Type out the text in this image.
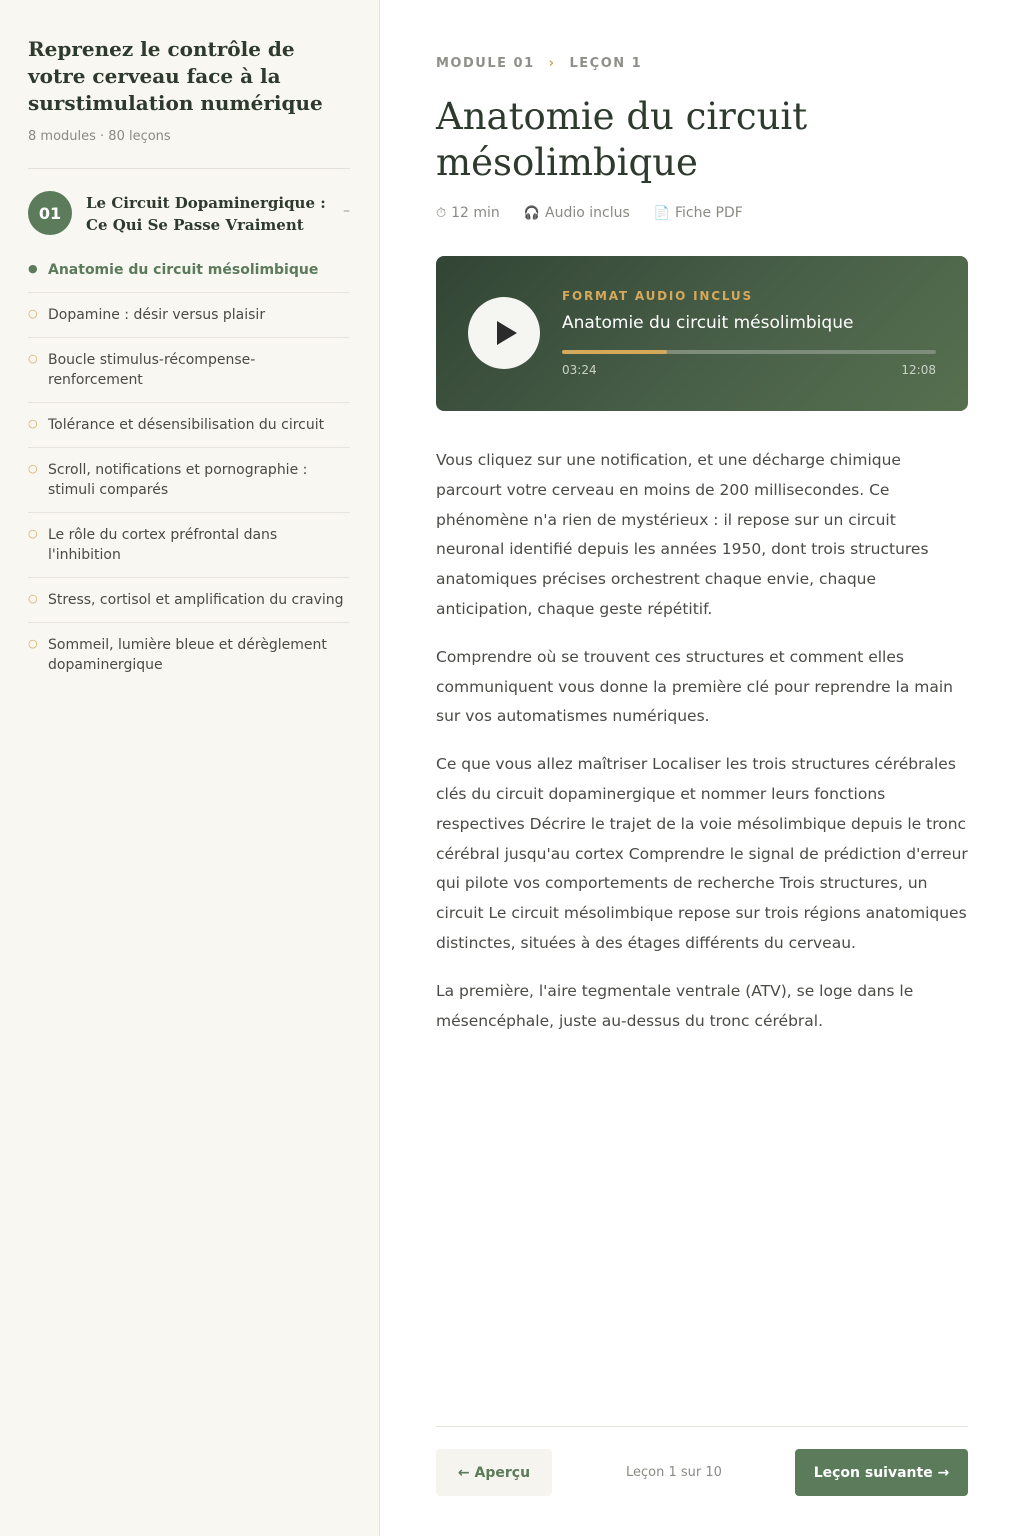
Reprenez le contrôle de votre cerveau face à la surstimulation numérique
8 modules · 80 leçons
01
Le Circuit Dopaminergique : Ce Qui Se Passe Vraiment
–
● Anatomie du circuit mésolimbique
○ Dopamine : désir versus plaisir
○ Boucle stimulus-récompense-renforcement
○ Tolérance et désensibilisation du circuit
○ Scroll, notifications et pornographie : stimuli comparés
○ Le rôle du cortex préfrontal dans l'inhibition
○ Stress, cortisol et amplification du craving
○ Sommeil, lumière bleue et dérèglement dopaminergique
MODULE 01 › LEÇON 1
Anatomie du circuit mésolimbique
⏱ 12 min 🎧 Audio inclus 📄 Fiche PDF
FORMAT AUDIO INCLUS
Anatomie du circuit mésolimbique
03:24	12:08

Vous cliquez sur une notification, et une décharge chimique parcourt votre cerveau en moins de 200 millisecondes. Ce phénomène n'a rien de mystérieux : il repose sur un circuit neuronal identifié depuis les années 1950, dont trois structures anatomiques précises orchestrent chaque envie, chaque anticipation, chaque geste répétitif.

Comprendre où se trouvent ces structures et comment elles communiquent vous donne la première clé pour reprendre la main sur vos automatismes numériques.

Ce que vous allez maîtriser Localiser les trois structures cérébrales clés du circuit dopaminergique et nommer leurs fonctions respectives Décrire le trajet de la voie mésolimbique depuis le tronc cérébral jusqu'au cortex Comprendre le signal de prédiction d'erreur qui pilote vos comportements de recherche Trois structures, un circuit Le circuit mésolimbique repose sur trois régions anatomiques distinctes, situées à des étages différents du cerveau.

La première, l'aire tegmentale ventrale (ATV), se loge dans le mésencéphale, juste au-dessus du tronc cérébral.

← Aperçu	Leçon 1 sur 10	Leçon suivante →
